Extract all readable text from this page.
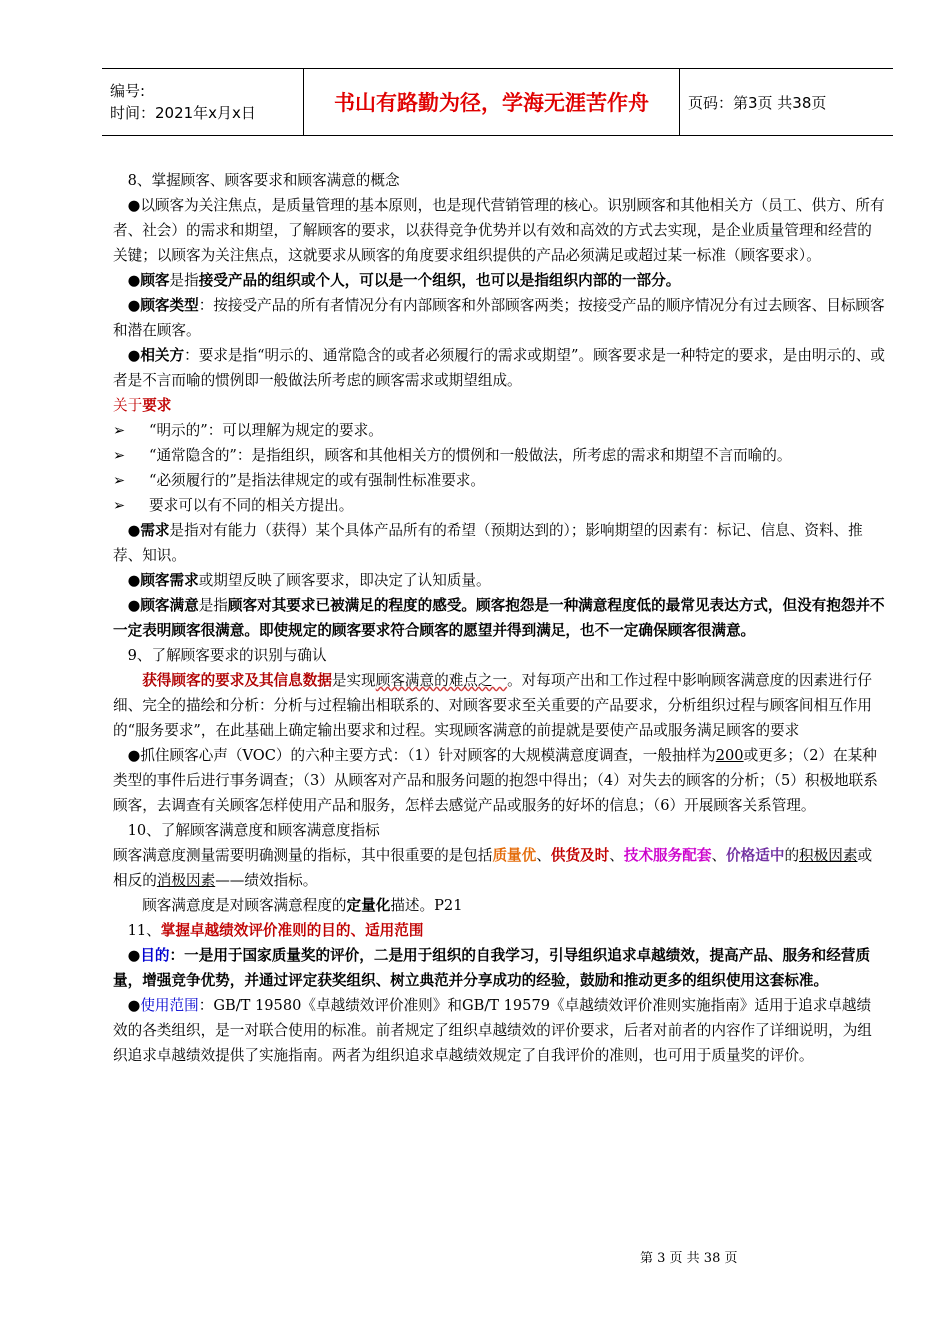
编号:
时间：2021年x月x日	书山有路勤为径，学海无涯苦作舟	页码：第3页 共38页

8、掌握顾客、顾客要求和顾客满意的概念

●以顾客为关注焦点，是质量管理的基本原则，也是现代营销管理的核心。识别顾客和其他相关方（员工、供方、所有者、社会）的需求和期望，了解顾客的要求，以获得竞争优势并以有效和高效的方式去实现，是企业质量管理和经营的关键；以顾客为关注焦点，这就要求从顾客的角度要求组织提供的产品必须满足或超过某一标准（顾客要求）。

●顾客是指接受产品的组织或个人，可以是一个组织，也可以是指组织内部的一部分。

●顾客类型：按接受产品的所有者情况分有内部顾客和外部顾客两类；按接受产品的顺序情况分有过去顾客、目标顾客和潜在顾客。

●相关方：要求是指“明示的、通常隐含的或者必须履行的需求或期望”。顾客要求是一种特定的要求，是由明示的、或者是不言而喻的惯例即一般做法所考虑的顾客需求或期望组成。

关于要求

➢	“明示的”：可以理解为规定的要求。
➢	“通常隐含的”：是指组织，顾客和其他相关方的惯例和一般做法，所考虑的需求和期望不言而喻的。
➢	“必须履行的”是指法律规定的或有强制性标准要求。
➢	要求可以有不同的相关方提出。

●需求是指对有能力（获得）某个具体产品所有的希望（预期达到的）；影响期望的因素有：标记、信息、资料、推荐、知识。

●顾客需求或期望反映了顾客要求，即决定了认知质量。

●顾客满意是指顾客对其要求已被满足的程度的感受。顾客抱怨是一种满意程度低的最常见表达方式，但没有抱怨并不一定表明顾客很满意。即使规定的顾客要求符合顾客的愿望并得到满足，也不一定确保顾客很满意。

9、了解顾客要求的识别与确认

获得顾客的要求及其信息数据是实现顾客满意的难点之一。对每项产出和工作过程中影响顾客满意度的因素进行仔细、完全的描绘和分析：分析与过程输出相联系的、对顾客要求至关重要的产品要求，分析组织过程与顾客间相互作用的“服务要求”，在此基础上确定输出要求和过程。实现顾客满意的前提就是要使产品或服务满足顾客的要求

●抓住顾客心声（VOC）的六种主要方式：（1）针对顾客的大规模满意度调查，一般抽样为200或更多；（2）在某种类型的事件后进行事务调查；（3）从顾客对产品和服务问题的抱怨中得出；（4）对失去的顾客的分析；（5）积极地联系顾客，去调查有关顾客怎样使用产品和服务，怎样去感觉产品或服务的好坏的信息；（6）开展顾客关系管理。

10、了解顾客满意度和顾客满意度指标

顾客满意度测量需要明确测量的指标，其中很重要的是包括质量优、供货及时、技术服务配套、价格适中的积极因素或相反的消极因素——绩效指标。

顾客满意度是对顾客满意程度的定量化描述。P21

11、掌握卓越绩效评价准则的目的、适用范围

●目的：一是用于国家质量奖的评价，二是用于组织的自我学习，引导组织追求卓越绩效，提高产品、服务和经营质量，增强竞争优势，并通过评定获奖组织、树立典范并分享成功的经验，鼓励和推动更多的组织使用这套标准。

●使用范围：GB/T 19580《卓越绩效评价准则》和GB/T 19579《卓越绩效评价准则实施指南》适用于追求卓越绩效的各类组织，是一对联合使用的标准。前者规定了组织卓越绩效的评价要求，后者对前者的内容作了详细说明，为组织追求卓越绩效提供了实施指南。两者为组织追求卓越绩效规定了自我评价的准则，也可用于质量奖的评价。

第 3 页 共 38 页
